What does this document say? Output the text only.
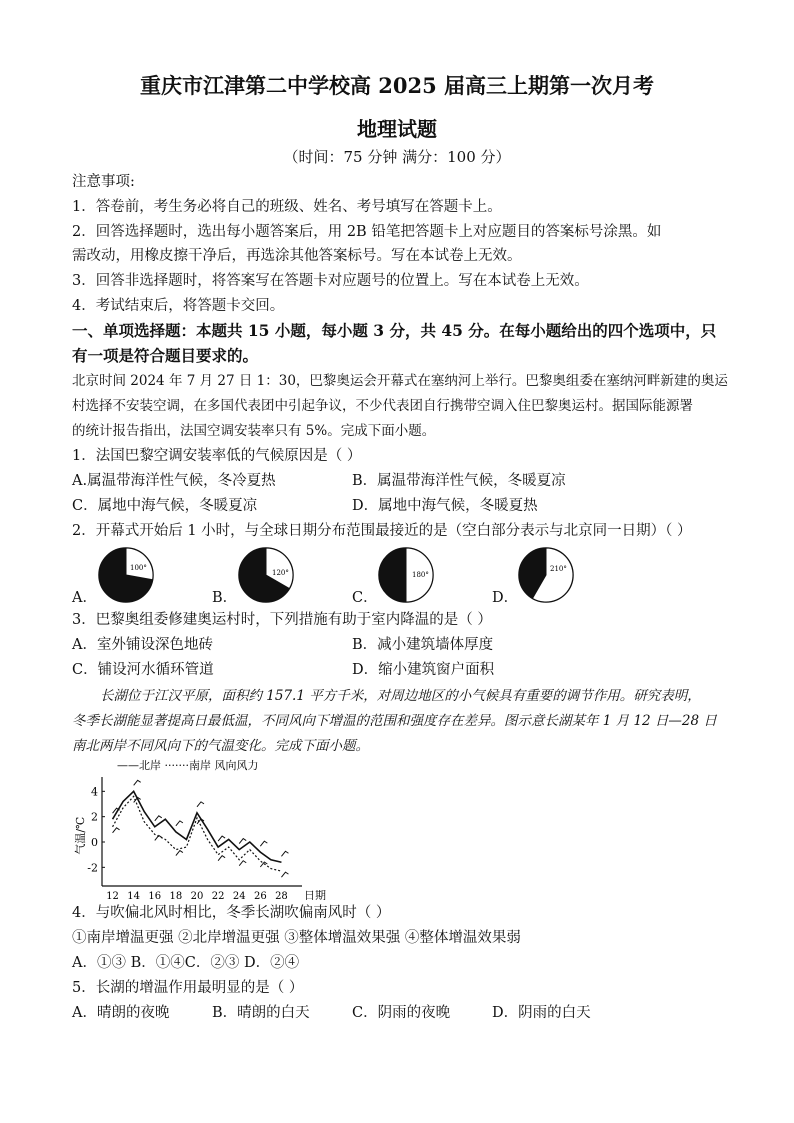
重庆市江津第二中学校高 2025 届高三上期第一次月考
地理试题
（时间：75 分钟 满分：100 分）
注意事项:
1．答卷前，考生务必将自己的班级、姓名、考号填写在答题卡上。
2．回答选择题时，选出每小题答案后，用 2B 铅笔把答题卡上对应题目的答案标号涂黑。如
需改动，用橡皮擦干净后，再选涂其他答案标号。写在本试卷上无效。
3．回答非选择题时，将答案写在答题卡对应题号的位置上。写在本试卷上无效。
4．考试结束后，将答题卡交回。
一、单项选择题：本题共 15 小题，每小题 3 分，共 45 分。在每小题给出的四个选项中，只
有一项是符合题目要求的。
北京时间 2024 年 7 月 27 日 1：30，巴黎奥运会开幕式在塞纳河上举行。巴黎奥组委在塞纳河畔新建的奥运
村选择不安装空调，在多国代表团中引起争议，不少代表团自行携带空调入住巴黎奥运村。据国际能源署
的统计报告指出，法国空调安装率只有 5%。完成下面小题。
1．法国巴黎空调安装率低的气候原因是（ ）
A.属温带海洋性气候，冬冷夏热	B．属温带海洋性气候，冬暖夏凉
C．属地中海气候，冬暖夏凉	D．属地中海气候，冬暖夏热
2．开幕式开始后 1 小时，与全球日期分布范围最接近的是（空白部分表示与北京同一日期）（ ）
A．	B．	C．	D．
100°
120°	180°
210°
3．巴黎奥组委修建奥运村时，下列措施有助于室内降温的是（ ）
A．室外铺设深色地砖	B．减小建筑墙体厚度
C．铺设河水循环管道	D．缩小建筑窗户面积
长湖位于江汉平原，面积约 157.1 平方千米，对周边地区的小气候具有重要的调节作用。研究表明，
冬季长湖能显著提高日最低温，不同风向下增温的范围和强度存在差异。图示意长湖某年 1 月 12 日—28 日
南北两岸不同风向下的气温变化。完成下面小题。
——北岸 ·······南岸 风向风力
气温/℃
4
2
0
-2
12 14 16 18 20 22 24 26 28 日期
4．与吹偏北风时相比，冬季长湖吹偏南风时（ ）
①南岸增温更强 ②北岸增温更强 ③整体增温效果强 ④整体增温效果弱
A．①③ B．①④C．②③ D．②④
5．长湖的增温作用最明显的是（ ）
A．晴朗的夜晚	B．晴朗的白天	C．阴雨的夜晚	D．阴雨的白天
